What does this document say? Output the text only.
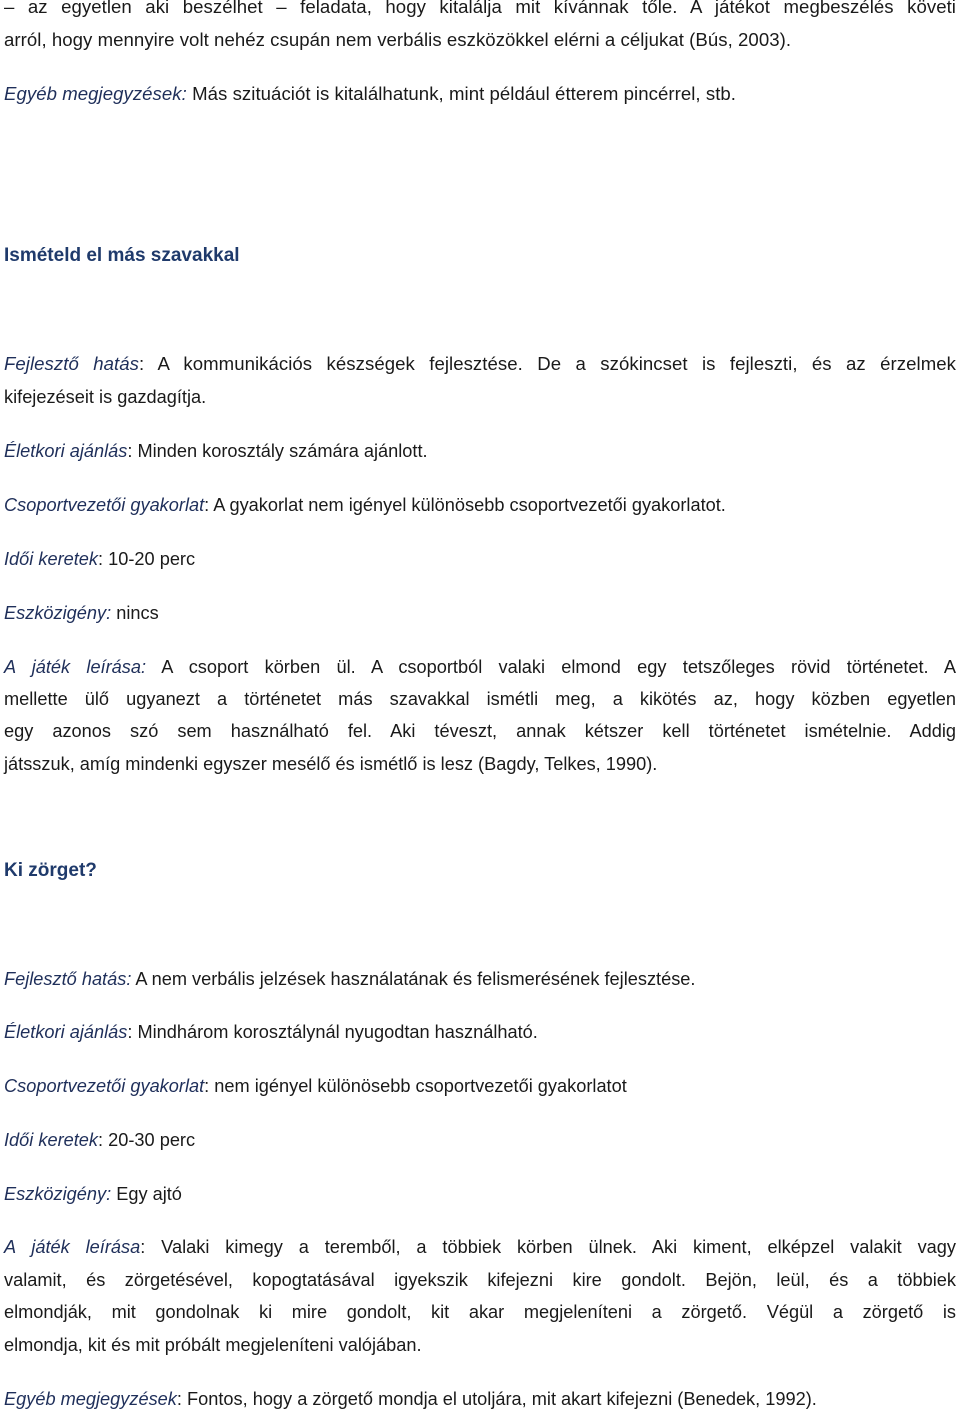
– az egyetlen aki beszélhet – feladata, hogy kitalálja mit kívánnak tőle. A játékot megbeszélés követi
arról, hogy mennyire volt nehéz csupán nem verbális eszközökkel elérni a céljukat (Bús, 2003).
Egyéb megjegyzések: Más szituációt is kitalálhatunk, mint például étterem pincérrel, stb.
Ismételd el más szavakkal
Fejlesztő hatás: A kommunikációs készségek fejlesztése. De a szókincset is fejleszti, és az érzelmek
kifejezéseit is gazdagítja.
Életkori ajánlás: Minden korosztály számára ajánlott.
Csoportvezetői gyakorlat: A gyakorlat nem igényel különösebb csoportvezetői gyakorlatot.
Idői keretek: 10-20 perc
Eszközigény: nincs
A játék leírása: A csoport körben ül. A csoportból valaki elmond egy tetszőleges rövid történetet. A
mellette ülő ugyanezt a történetet más szavakkal ismétli meg, a kikötés az, hogy közben egyetlen
egy azonos szó sem használható fel. Aki téveszt, annak kétszer kell történetet ismételnie. Addig
játsszuk, amíg mindenki egyszer mesélő és ismétlő is lesz (Bagdy, Telkes, 1990).
Ki zörget?
Fejlesztő hatás: A nem verbális jelzések használatának és felismerésének fejlesztése.
Életkori ajánlás: Mindhárom korosztálynál nyugodtan használható.
Csoportvezetői gyakorlat: nem igényel különösebb csoportvezetői gyakorlatot
Idői keretek: 20-30 perc
Eszközigény: Egy ajtó
A játék leírása: Valaki kimegy a teremből, a többiek körben ülnek. Aki kiment, elképzel valakit vagy
valamit, és zörgetésével, kopogtatásával igyekszik kifejezni kire gondolt. Bejön, leül, és a többiek
elmondják, mit gondolnak ki mire gondolt, kit akar megjeleníteni a zörgető. Végül a zörgető is
elmondja, kit és mit próbált megjeleníteni valójában.
Egyéb megjegyzések: Fontos, hogy a zörgető mondja el utoljára, mit akart kifejezni (Benedek, 1992).
